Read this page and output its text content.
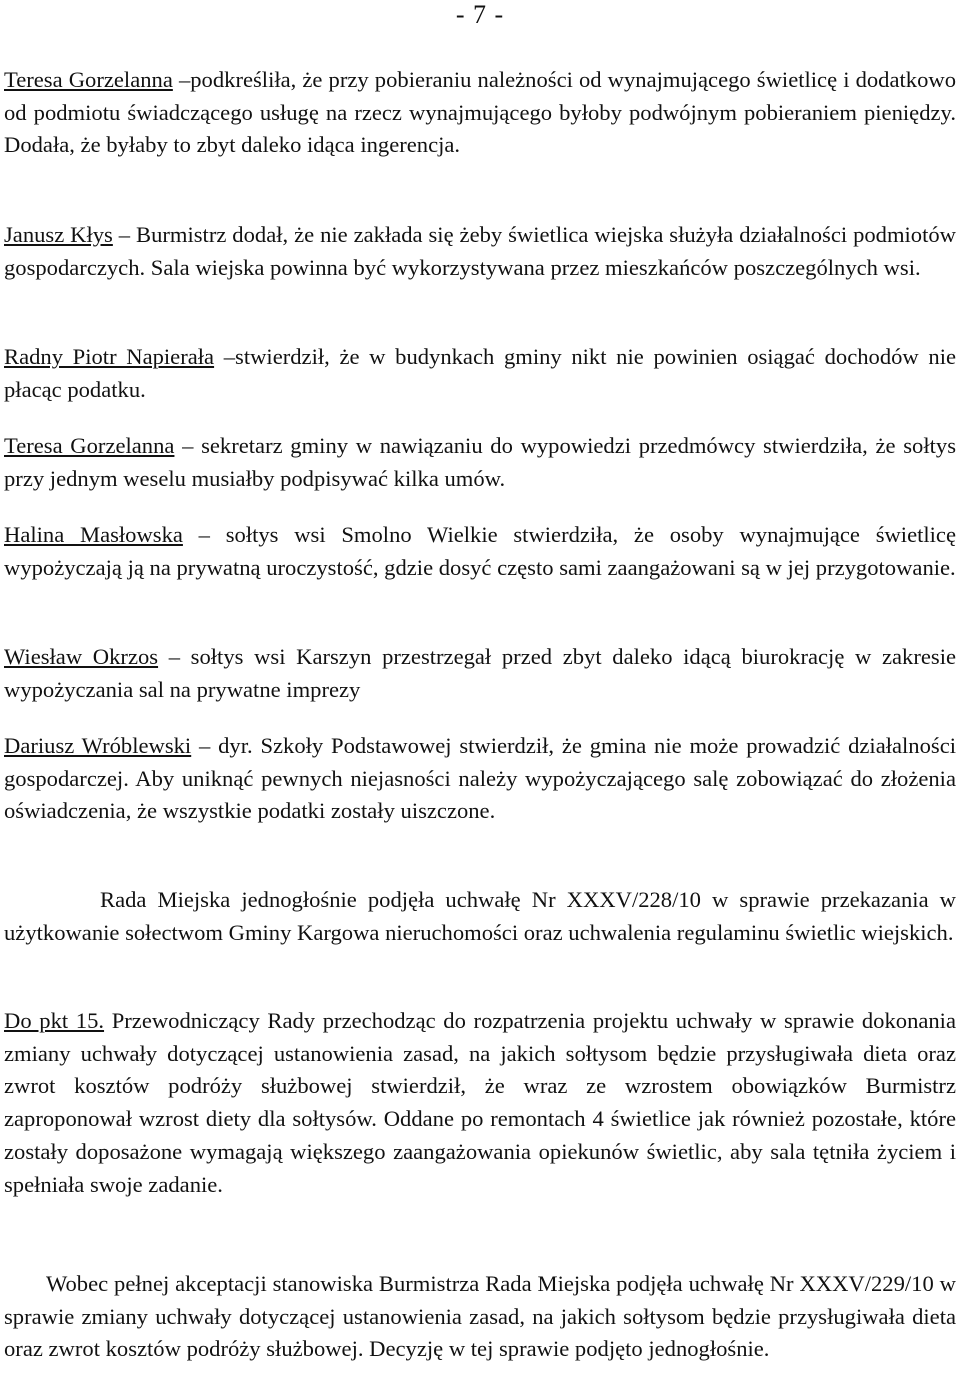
- 7 -

Teresa Gorzelanna –podkreśliła, że przy pobieraniu należności od wynajmującego świetlicę i dodatkowo od podmiotu świadczącego usługę na rzecz wynajmującego byłoby podwójnym pobieraniem pieniędzy. Dodała, że byłaby to zbyt daleko idąca ingerencja.

Janusz Kłys – Burmistrz dodał, że nie zakłada się żeby świetlica wiejska służyła działalności podmiotów gospodarczych. Sala wiejska powinna być wykorzystywana przez mieszkańców poszczególnych wsi.

Radny Piotr Napierała –stwierdził, że w budynkach gminy nikt nie powinien osiągać dochodów nie płacąc podatku.

Teresa Gorzelanna – sekretarz gminy w nawiązaniu do wypowiedzi przedmówcy stwierdziła, że sołtys przy jednym weselu musiałby podpisywać kilka umów.

Halina Masłowska – sołtys wsi Smolno Wielkie stwierdziła, że osoby wynajmujące świetlicę wypożyczają ją na prywatną uroczystość, gdzie dosyć często sami zaangażowani są w jej przygotowanie.

Wiesław Okrzos – sołtys wsi Karszyn przestrzegał przed zbyt daleko idącą biurokrację w zakresie wypożyczania sal na prywatne imprezy

Dariusz Wróblewski – dyr. Szkoły Podstawowej stwierdził, że gmina nie może prowadzić działalności gospodarczej. Aby uniknąć pewnych niejasności należy wypożyczającego salę zobowiązać do złożenia oświadczenia, że wszystkie podatki zostały uiszczone.

Rada Miejska jednogłośnie podjęła uchwałę Nr XXXV/228/10 w sprawie przekazania w użytkowanie sołectwom Gminy Kargowa nieruchomości oraz uchwalenia regulaminu świetlic wiejskich.

Do pkt 15. Przewodniczący Rady przechodząc do rozpatrzenia projektu uchwały w sprawie dokonania zmiany uchwały dotyczącej ustanowienia zasad, na jakich sołtysom będzie przysługiwała dieta oraz zwrot kosztów podróży służbowej stwierdził, że wraz ze wzrostem obowiązków Burmistrz zaproponował wzrost diety dla sołtysów. Oddane po remontach 4 świetlice jak również pozostałe, które zostały doposażone wymagają większego zaangażowania opiekunów świetlic, aby sala tętniła życiem i spełniała swoje zadanie.

Wobec pełnej akceptacji stanowiska Burmistrza Rada Miejska podjęła uchwałę Nr XXXV/229/10 w sprawie zmiany uchwały dotyczącej ustanowienia zasad, na jakich sołtysom będzie przysługiwała dieta oraz zwrot kosztów podróży służbowej. Decyzję w tej sprawie podjęto jednogłośnie.
